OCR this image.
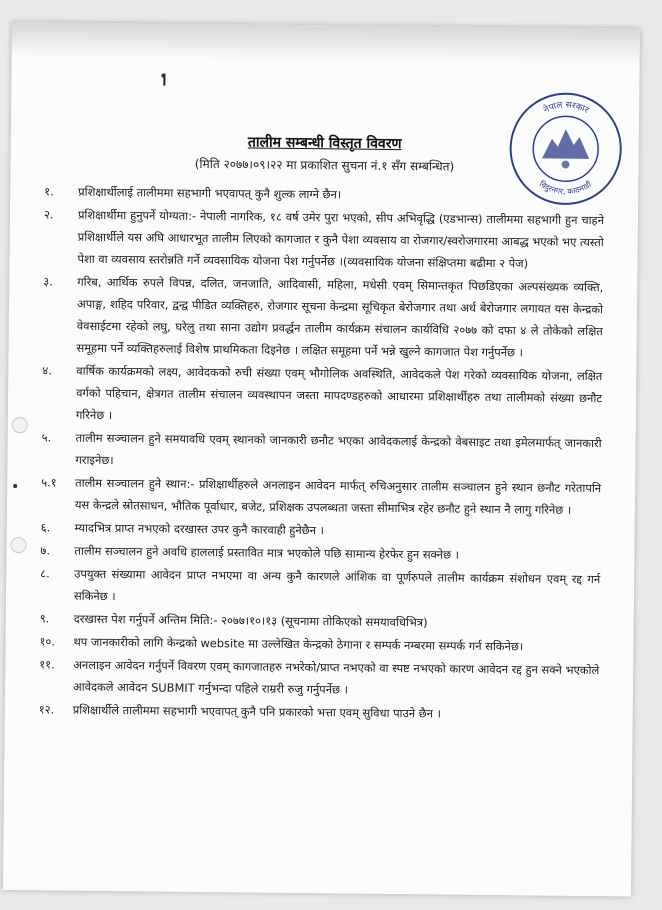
नेपाल सरकार
विदुरनगर, काठमाडौं
तालीम सम्बन्धी विस्तृत विवरण
(मिति २०७७।०९।२२ मा प्रकाशित सुचना नं.१ सँग सम्बन्धित)
१.	प्रशिक्षार्थीलाई तालीममा सहभागी भएवापत् कुनै शुल्क लाग्ने छैन।
२.	प्रशिक्षार्थीमा हुनुपर्ने योग्यता:- नेपाली नागरिक, १८ वर्ष उमेर पुरा भएको, सीप अभिवृद्धि (एडभान्स) तालीममा सहभागी हुन चाहने प्रशिक्षार्थीले यस अघि आधारभूत तालीम लिएको कागजात र कुनै पेशा व्यवसाय वा रोजगार/स्वरोजगारमा आबद्ध भएको भए त्यस्तो पेशा वा व्यवसाय स्तरोन्नति गर्ने व्यवसायिक योजना पेश गर्नुपर्नेछ ।(व्यवसायिक योजना संक्षिप्तमा बढीमा २ पेज)
३.	गरिब, आर्थिक रुपले विपन्न, दलित, जनजाति, आदिवासी, महिला, मधेसी एवम् सिमान्तकृत पिछडिएका अल्पसंख्यक व्यक्ति, अपाङ्ग, शहिद परिवार, द्वन्द्व पीडित व्यक्तिहरु, रोजगार सूचना केन्द्रमा सूचिकृत बेरोजगार तथा अर्ध बेरोजगार लगायत यस केन्द्रको वेवसाईटमा रहेको लघु, घरेलु तथा साना उद्योग प्रवर्द्धन तालीम कार्यक्रम संचालन कार्यविधि २०७७ को दफा ४ ले तोकेको लक्षित समूहमा पर्ने व्यक्तिहरुलाई विशेष प्राथमिकता दिइनेछ । लक्षित समूहमा पर्ने भन्ने खुल्ने कागजात पेश गर्नुपर्नेछ ।
४.	वार्षिक कार्यक्रमको लक्ष्य, आवेदकको रुची संख्या एवम् भौगोलिक अवस्थिति, आवेदकले पेश गरेको व्यवसायिक योजना, लक्षित वर्गको पहिचान, क्षेत्रगत तालीम संचालन व्यवस्थापन जस्ता मापदण्डहरुको आधारमा प्रशिक्षार्थीहरु तथा तालीमको संख्या छनौट गरिनेछ ।
५.	तालीम सञ्चालन हुने समयावधि एवम् स्थानको जानकारी छनौट भएका आवेदकलाई केन्द्रको वेबसाइट तथा इमेलमार्फत् जानकारी गराइनेछ।
५.१	तालीम सञ्चालन हुने स्थान:- प्रशिक्षार्थीहरुले अनलाइन आवेदन मार्फत् रुचिअनुसार तालीम सञ्चालन हुने स्थान छनौट गरेतापनि यस केन्द्रले स्रोतसाधन, भौतिक पूर्वाधार, बजेट, प्रशिक्षक उपलब्धता जस्ता सीमाभित्र रहेर छनौट हुने स्थान नै लागु गरिनेछ ।
६.	म्यादभित्र प्राप्त नभएको दरखास्त उपर कुनै कारवाही हुनेछैन ।
७.	तालीम सञ्चालन हुने अवधि हाललाई प्रस्तावित मात्र भएकोले पछि सामान्य हेरफेर हुन सक्नेछ ।
८.	उपयुक्त संख्यामा आवेदन प्राप्त नभएमा वा अन्य कुनै कारणले आंशिक वा पूर्णरुपले तालीम कार्यक्रम संशोधन एवम् रद्द गर्न सकिनेछ ।
९.	दरखास्त पेश गर्नुपर्ने अन्तिम मिति:- २०७७।१०।१३ (सूचनामा तोकिएको समयावधिभित्र)
१०.	थप जानकारीको लागि केन्द्रको website मा उल्लेखित केन्द्रको ठेगाना र सम्पर्क नम्बरमा सम्पर्क गर्न सकिनेछ।
११.	अनलाइन आवेदन गर्नुपर्ने विवरण एवम् कागजातहरु नभरेको/प्राप्त नभएको वा स्पष्ट नभएको कारण आवेदन रद्द हुन सक्ने भएकोले आवेदकले आवेदन SUBMIT गर्नुभन्दा पहिले राम्ररी रुजु गर्नुपर्नेछ ।
१२.	प्रशिक्षार्थीले तालीममा सहभागी भएवापत् कुनै पनि प्रकारको भत्ता एवम् सुविधा पाउने छैन ।
